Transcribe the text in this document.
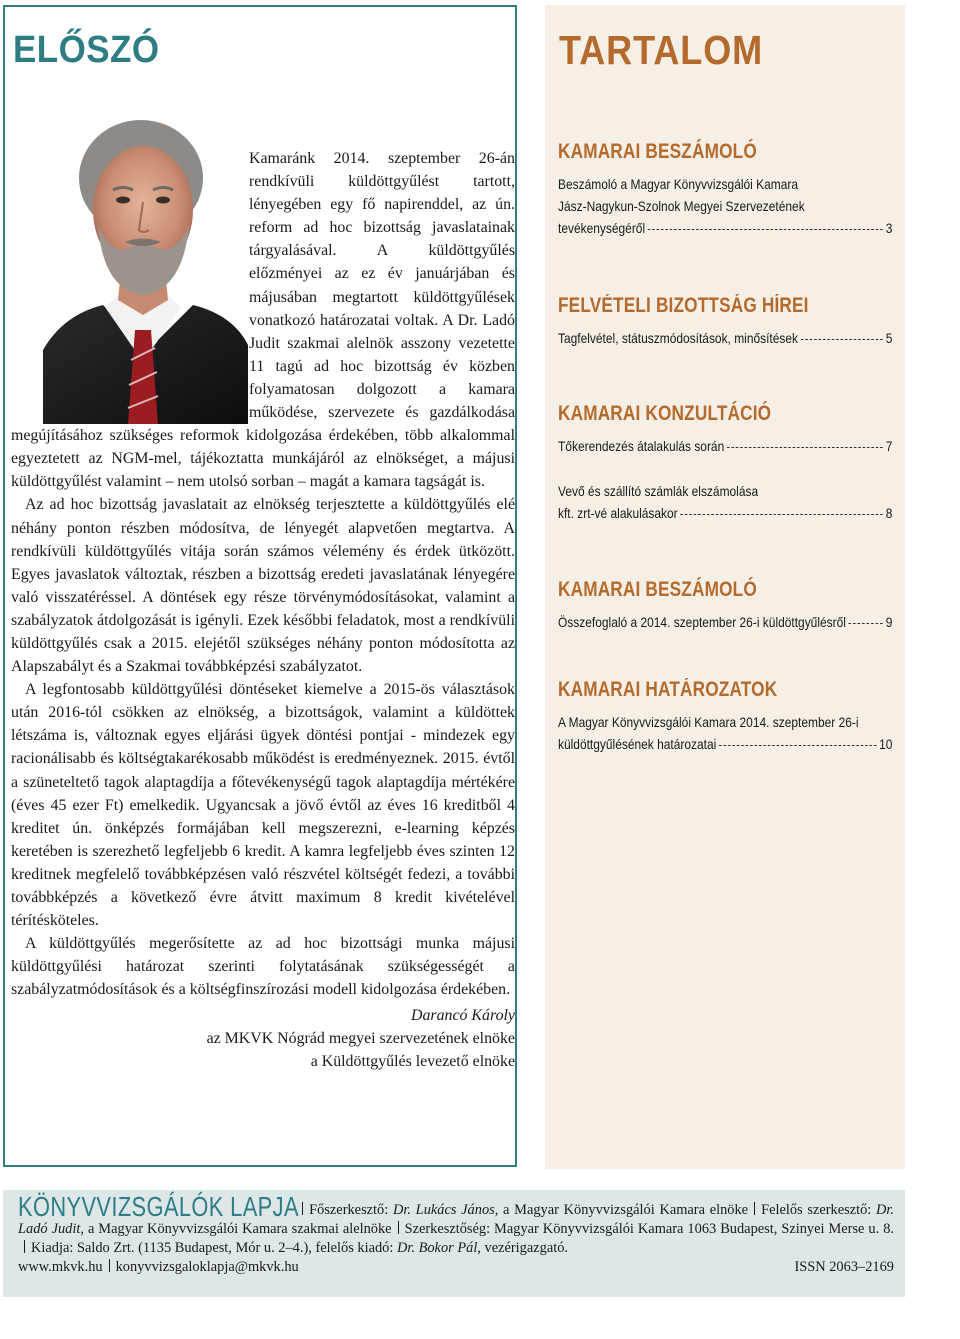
ELŐSZÓ

Kamaránk 2014. szeptember 26-án rendkívüli küldöttgyűlést tartott, lényegében egy fő napirenddel, az ún. reform ad hoc bizottság javaslatainak tárgyalásával. A küldöttgyűlés előzményei az ez év januárjában és májusában megtartott küldöttgyűlések vonatkozó határozatai voltak. A Dr. Ladó Judit szakmai alelnök asszony vezetette 11 tagú ad hoc bizottság év közben folyamatosan dolgozott a kamara működése, szervezete és gazdálkodása megújításához szükséges reformok kidolgozása érdekében, több alkalommal egyeztetett az NGM-mel, tájékoztatta munkájáról az elnökséget, a májusi küldöttgyűlést valamint – nem utolsó sorban – magát a kamara tagságát is.

Az ad hoc bizottság javaslatait az elnökség terjesztette a küldöttgyűlés elé néhány ponton részben módosítva, de lényegét alapvetően megtartva. A rendkívüli küldöttgyűlés vitája során számos vélemény és érdek ütközött. Egyes javaslatok változtak, részben a bizottság eredeti javaslatának lényegére való visszatéréssel. A döntések egy része törvénymódosításokat, valamint a szabályzatok átdolgozását is igényli. Ezek későbbi feladatok, most a rendkívüli küldöttgyűlés csak a 2015. elejétől szükséges néhány ponton módosította az Alapszabályt és a Szakmai továbbképzési szabályzatot.

A legfontosabb küldöttgyűlési döntéseket kiemelve a 2015-ös választások után 2016-tól csökken az elnökség, a bizottságok, valamint a küldöttek létszáma is, változnak egyes eljárási ügyek döntési pontjai - mindezek egy racionálisabb és költségtakarékosabb működést is eredményeznek. 2015. évtől a szüneteltető tagok alaptagdíja a főtevékenységű tagok alaptagdíja mértékére (éves 45 ezer Ft) emelkedik. Ugyancsak a jövő évtől az éves 16 kreditből 4 kreditet ún. önképzés formájában kell megszerezni, e-learning képzés keretében is szerezhető legfeljebb 6 kredit. A kamra legfeljebb éves szinten 12 kreditnek megfelelő továbbképzésen való részvétel költségét fedezi, a további továbbképzés a következő évre átvitt maximum 8 kredit kivételével térítésköteles.

A küldöttgyűlés megerősítette az ad hoc bizottsági munka májusi küldöttgyűlési határozat szerinti folytatásának szükségességét a szabályzatmódosítások és a költségfinszírozási modell kidolgozása érdekében.

Darancó Károly
az MKVK Nógrád megyei szervezetének elnöke
a Küldöttgyűlés levezető elnöke
TARTALOM
KAMARAI BESZÁMOLÓ
Beszámoló a Magyar Könyvvizsgálói Kamara
Jász-Nagykun-Szolnok Megyei Szervezetének
tevékenységéről	3
FELVÉTELI BIZOTTSÁG HÍREI
Tagfelvétel, státuszmódosítások, minősítések	5
KAMARAI KONZULTÁCIÓ
Tőkerendezés átalakulás során	7
Vevő és szállító számlák elszámolása
kft. zrt-vé alakulásakor	8
KAMARAI BESZÁMOLÓ
Összefoglaló a 2014. szeptember 26-i küldöttgyűlésről	9
KAMARAI HATÁROZATOK
A Magyar Könyvvizsgálói Kamara 2014. szeptember 26-i
küldöttgyűlésének határozatai	10
KÖNYVVIZSGÁLÓK LAPJA Főszerkesztő: Dr. Lukács János, a Magyar Könyvvizsgálói Kamara elnöke Felelős szerkesztő: Dr. Ladó Judit, a Magyar Könyvvizsgálói Kamara szakmai alelnöke Szerkesztőség: Magyar Könyvvizsgálói Kamara 1063 Budapest, Szinyei Merse u. 8.Kiadja: Saldo Zrt. (1135 Budapest, Mór u. 2–4.), felelős kiadó: Dr. Bokor Pál, vezérigazgató.
www.mkvk.hu konyvvizsgaloklapja@mkvk.hu	ISSN 2063–2169
